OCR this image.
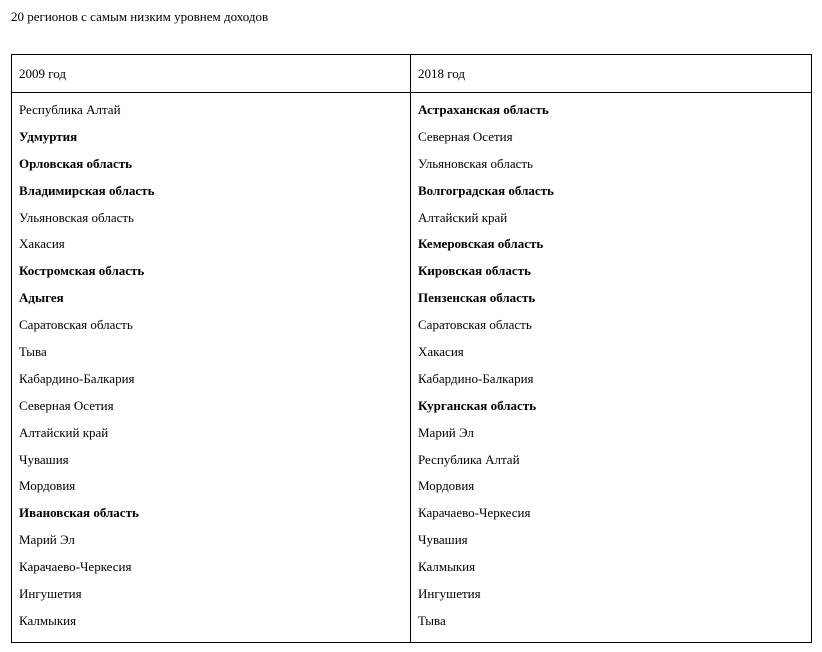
20 регионов с самым низким уровнем доходов
2009 год	2018 год
Республика Алтай
Удмуртия
Орловская область
Владимирская область
Ульяновская область
Хакасия
Костромская область
Адыгея
Саратовская область
Тыва
Кабардино-Балкария
Северная Осетия
Алтайский край
Чувашия
Мордовия
Ивановская область
Марий Эл
Карачаево-Черкесия
Ингушетия
Калмыкия
Астраханская область
Северная Осетия
Ульяновская область
Волгоградская область
Алтайский край
Кемеровская область
Кировская область
Пензенская область
Саратовская область
Хакасия
Кабардино-Балкария
Курганская область
Марий Эл
Республика Алтай
Мордовия
Карачаево-Черкесия
Чувашия
Калмыкия
Ингушетия
Тыва
